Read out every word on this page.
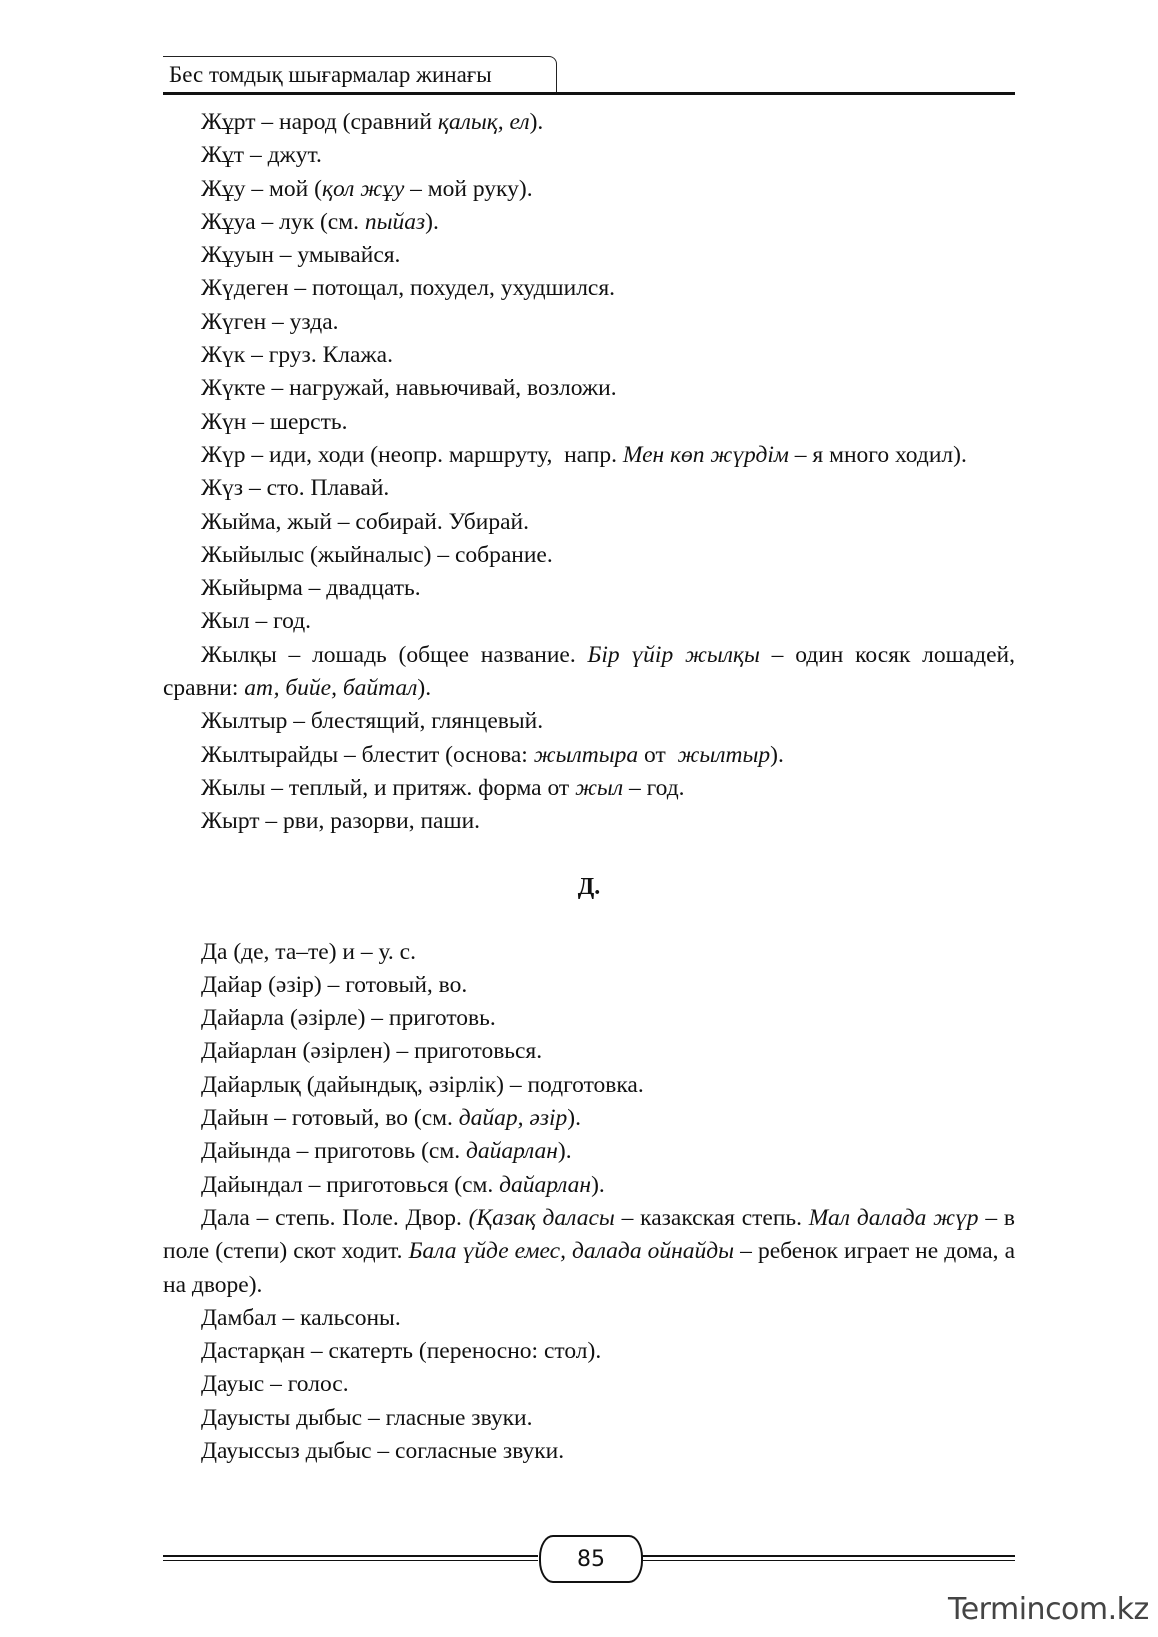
Бес томдық шығармалар жинағы

Жұрт – народ (сравний қалық, ел).

Жұт – джут.

Жұу – мой (қол жұу – мой руку).

Жұуа – лук (см. пыйаз).

Жұуын – умывайся.

Жүдеген – потощал, похудел, ухудшился.

Жүген – узда.

Жүк – груз. Клажа.

Жүкте – нагружай, навьючивай, возложи.

Жүн – шерсть.

Жүр – иди, ходи (неопр. маршруту,  напр. Мен көп жүрдім – я много ходил).

Жүз – сто. Плавай.

Жыйма, жый – собирай. Убирай.

Жыйылыс (жыйналыс) – собрание.

Жыйырма – двадцать.

Жыл – год.

Жылқы – лошадь (общее название. Бір үйір жылқы – один косяк лошадей, сравни: ат, бийе, байтал).

Жылтыр – блестящий, глянцевый.

Жылтырайды – блестит (основа: жылтыра от  жылтыр).

Жылы – теплый, и притяж. форма от жыл – год.

Жырт – рви, разорви, паши.

Д.

Да (де, та–те) и – у. с.

Дайар (әзір) – готовый, во.

Дайарла (әзірле) – приготовь.

Дайарлан (әзірлен) – приготовься.

Дайарлық (дайындық, әзірлік) – подготовка.

Дайын – готовый, во (см. дайар, әзір).

Дайында – приготовь (см. дайарлан).

Дайындал – приготовься (см. дайарлан).

Дала – степь. Поле. Двор. (Қазақ даласы – казакская степь. Мал далада жүр – в поле (степи) скот ходит. Бала үйде емес, далада ойнайды – ребенок играет не дома, а на дворе).

Дамбал – кальсоны.

Дастарқан – скатерть (переносно: стол).

Дауыс – голос.

Дауысты дыбыс – гласные звуки.

Дауыссыз дыбыс – согласные звуки.

85
Termincom.kz
